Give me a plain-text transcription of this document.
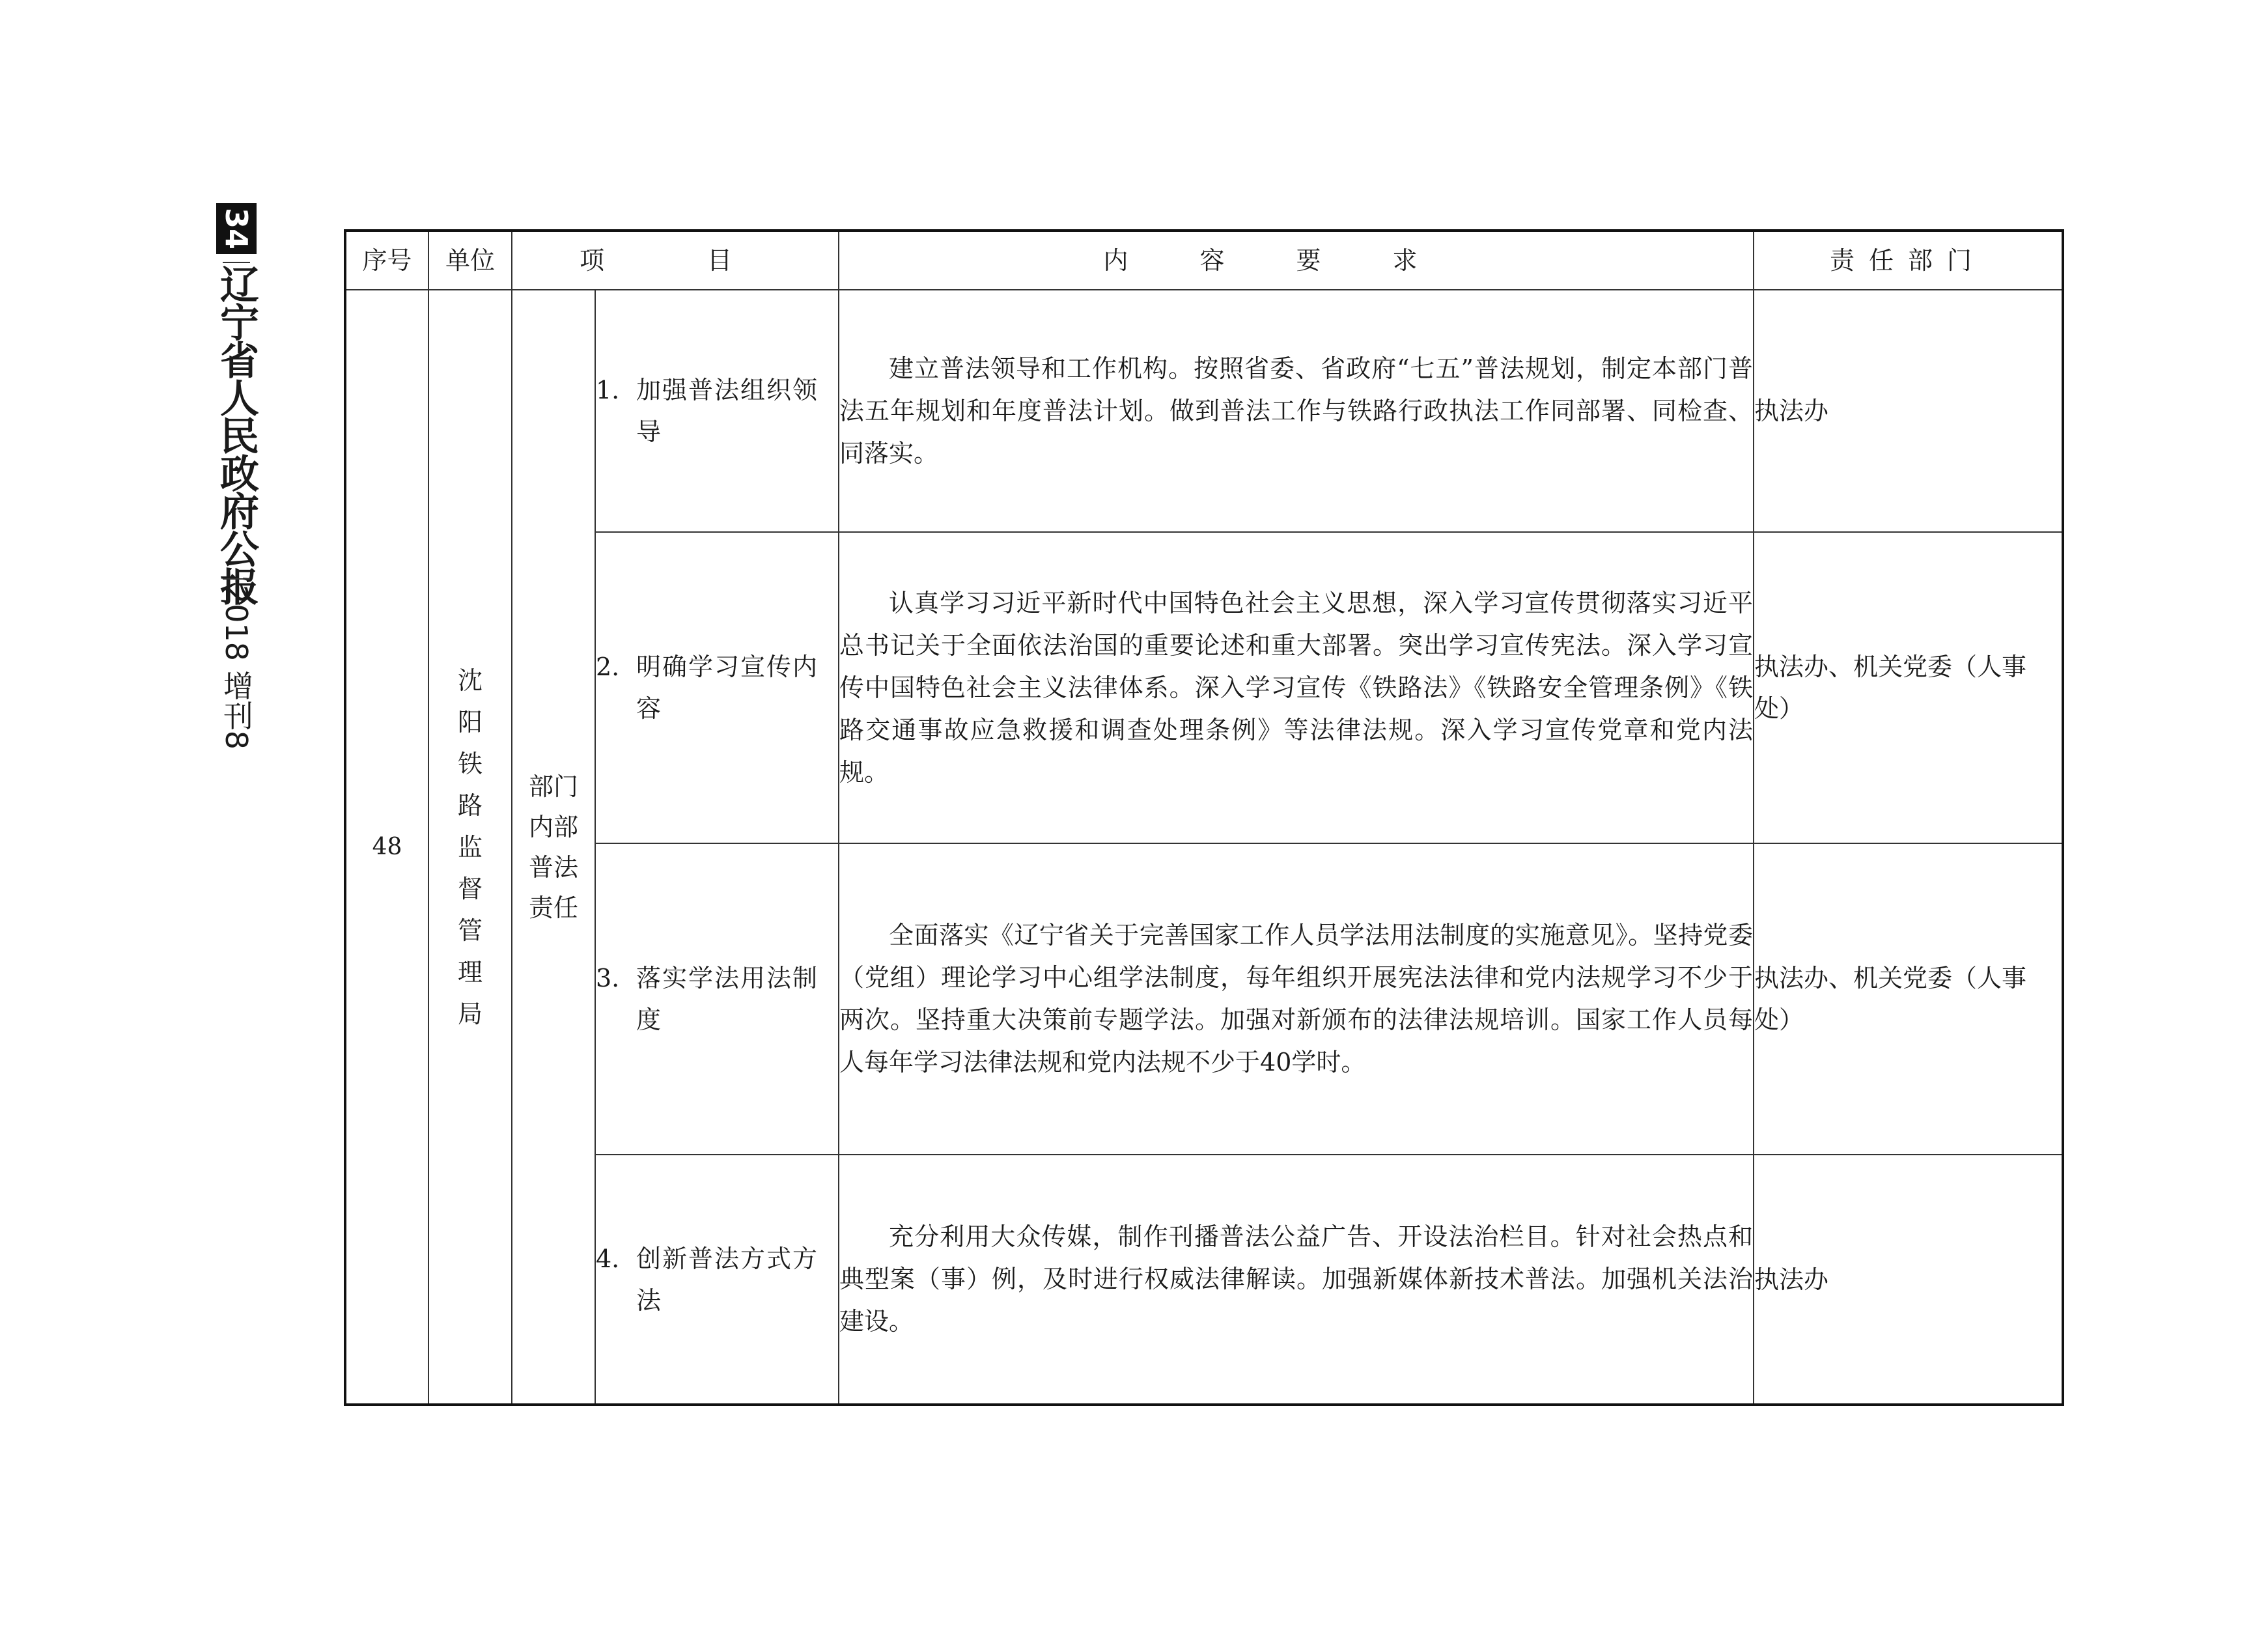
34
辽宁省人民政府公报
2018 增刊8
序号	单位	项　目		内容要求	责任部门
48	沈阳铁路监督管理局	部门内部普法责任	1. 加强普法组织领导	建立普法领导和工作机构。按照省委、省政府“七五”普法规划，制定本部门普法五年规划和年度普法计划。做到普法工作与铁路行政执法工作同部署、同检查、同落实。	执法办

			2. 明确学习宣传内容	认真学习习近平新时代中国特色社会主义思想，深入学习宣传贯彻落实习近平总书记关于全面依法治国的重要论述和重大部署。突出学习宣传宪法。深入学习宣传中国特色社会主义法律体系。深入学习宣传《铁路法》《铁路安全管理条例》《铁路交通事故应急救援和调查处理条例》等法律法规。深入学习宣传党章和党内法规。	执法办、机关党委（人事处）

			3. 落实学法用法制度	全面落实《辽宁省关于完善国家工作人员学法用法制度的实施意见》。坚持党委（党组）理论学习中心组学法制度，每年组织开展宪法法律和党内法规学习不少于两次。坚持重大决策前专题学法。加强对新颁布的法律法规培训。国家工作人员每人每年学习法律法规和党内法规不少于40学时。	执法办、机关党委（人事处）

			4. 创新普法方式方法	充分利用大众传媒，制作刊播普法公益广告、开设法治栏目。针对社会热点和典型案（事）例，及时进行权威法律解读。加强新媒体新技术普法。加强机关法治建设。	执法办
